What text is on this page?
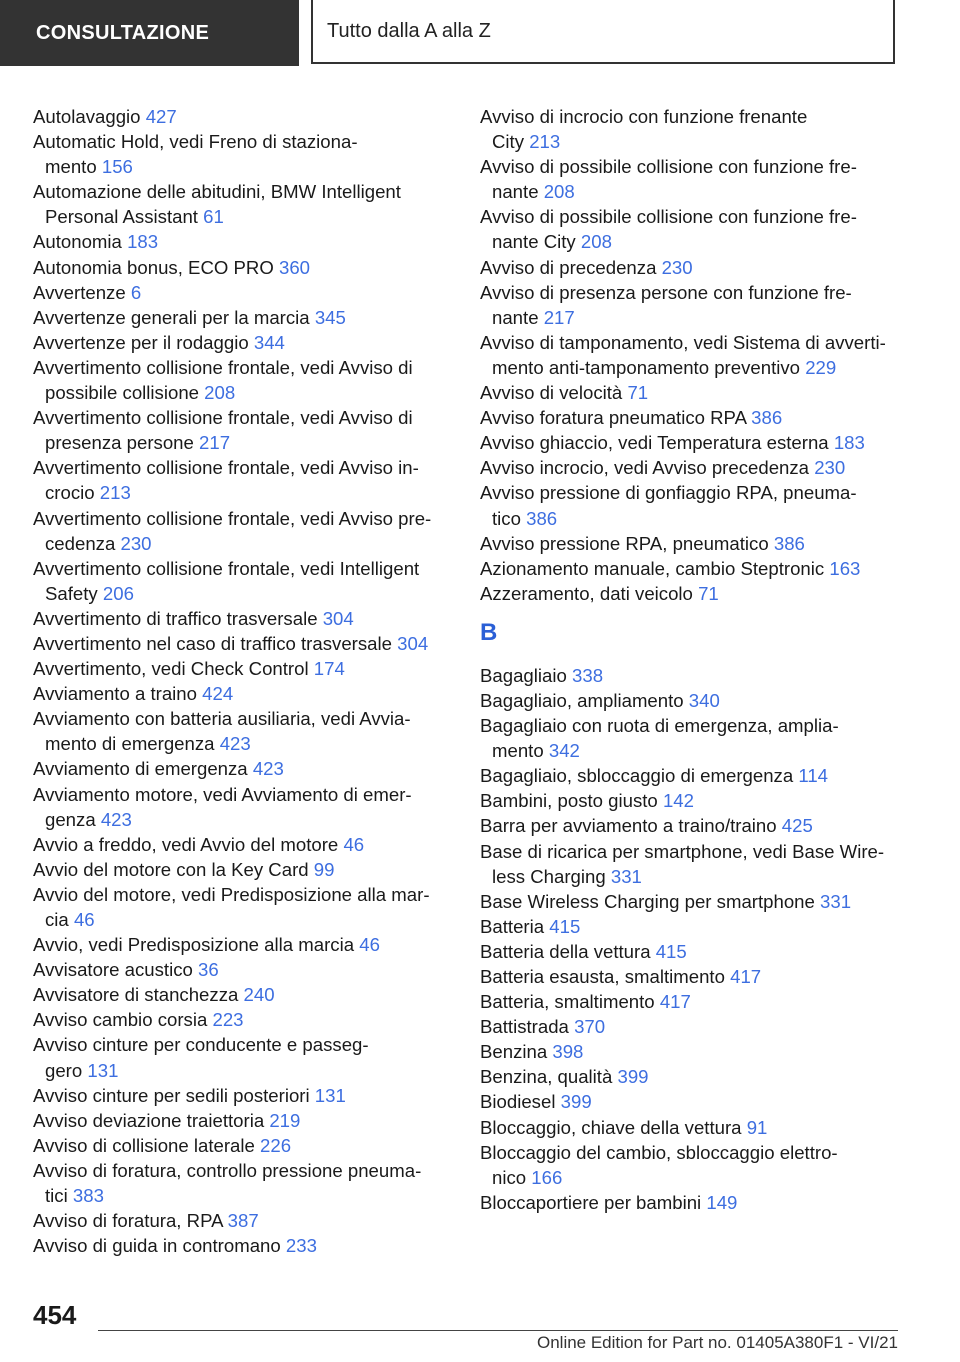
CONSULTAZIONE	Tutto dalla A alla Z
Autolavaggio 427
Automatic Hold, vedi Freno di staziona-
mento 156
Automazione delle abitudini, BMW Intelligent
Personal Assistant 61
Autonomia 183
Autonomia bonus, ECO PRO 360
Avvertenze 6
Avvertenze generali per la marcia 345
Avvertenze per il rodaggio 344
Avvertimento collisione frontale, vedi Avviso di
possibile collisione 208
Avvertimento collisione frontale, vedi Avviso di
presenza persone 217
Avvertimento collisione frontale, vedi Avviso in-
crocio 213
Avvertimento collisione frontale, vedi Avviso pre-
cedenza 230
Avvertimento collisione frontale, vedi Intelligent
Safety 206
Avvertimento di traffico trasversale 304
Avvertimento nel caso di traffico trasversale 304
Avvertimento, vedi Check Control 174
Avviamento a traino 424
Avviamento con batteria ausiliaria, vedi Avvia-
mento di emergenza 423
Avviamento di emergenza 423
Avviamento motore, vedi Avviamento di emer-
genza 423
Avvio a freddo, vedi Avvio del motore 46
Avvio del motore con la Key Card 99
Avvio del motore, vedi Predisposizione alla mar-
cia 46
Avvio, vedi Predisposizione alla marcia 46
Avvisatore acustico 36
Avvisatore di stanchezza 240
Avviso cambio corsia 223
Avviso cinture per conducente e passeg-
gero 131
Avviso cinture per sedili posteriori 131
Avviso deviazione traiettoria 219
Avviso di collisione laterale 226
Avviso di foratura, controllo pressione pneuma-
tici 383
Avviso di foratura, RPA 387
Avviso di guida in contromano 233
Avviso di incrocio con funzione frenante
City 213
Avviso di possibile collisione con funzione fre-
nante 208
Avviso di possibile collisione con funzione fre-
nante City 208
Avviso di precedenza 230
Avviso di presenza persone con funzione fre-
nante 217
Avviso di tamponamento, vedi Sistema di avverti-
mento anti-tamponamento preventivo 229
Avviso di velocità 71
Avviso foratura pneumatico RPA 386
Avviso ghiaccio, vedi Temperatura esterna 183
Avviso incrocio, vedi Avviso precedenza 230
Avviso pressione di gonfiaggio RPA, pneuma-
tico 386
Avviso pressione RPA, pneumatico 386
Azionamento manuale, cambio Steptronic 163
Azzeramento, dati veicolo 71
B
Bagagliaio 338
Bagagliaio, ampliamento 340
Bagagliaio con ruota di emergenza, amplia-
mento 342
Bagagliaio, sbloccaggio di emergenza 114
Bambini, posto giusto 142
Barra per avviamento a traino/traino 425
Base di ricarica per smartphone, vedi Base Wire-
less Charging 331
Base Wireless Charging per smartphone 331
Batteria 415
Batteria della vettura 415
Batteria esausta, smaltimento 417
Batteria, smaltimento 417
Battistrada 370
Benzina 398
Benzina, qualità 399
Biodiesel 399
Bloccaggio, chiave della vettura 91
Bloccaggio del cambio, sbloccaggio elettro-
nico 166
Bloccaportiere per bambini 149
454
Online Edition for Part no. 01405A380F1 - VI/21
